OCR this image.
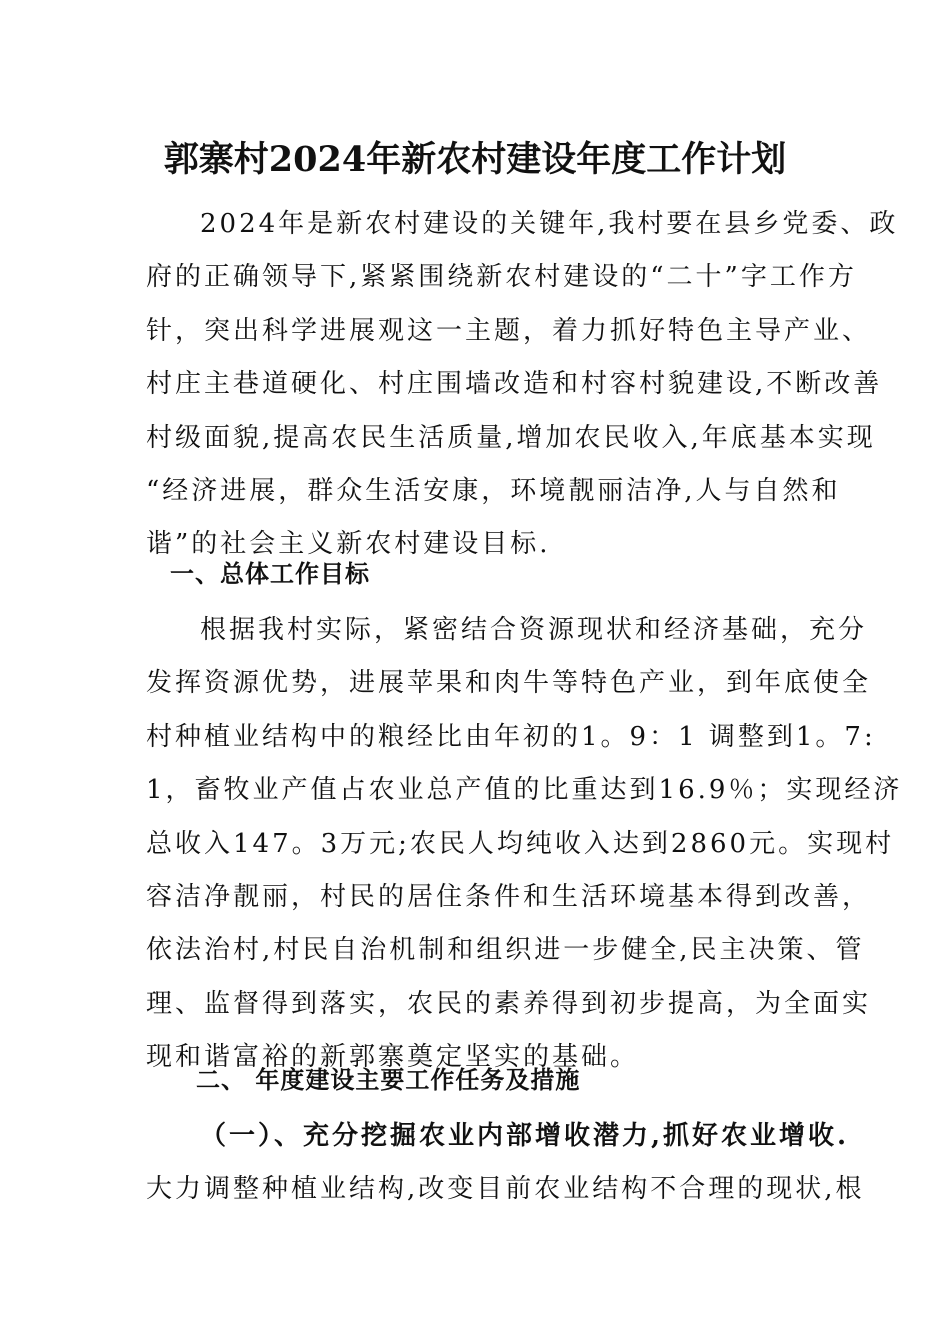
郭寨村2024年新农村建设年度工作计划
2024年是新农村建设的关键年,我村要在县乡党委、政
府的正确领导下,紧紧围绕新农村建设的“二十”字工作方
针，突出科学进展观这一主题，着力抓好特色主导产业、
村庄主巷道硬化、村庄围墙改造和村容村貌建设,不断改善
村级面貌,提高农民生活质量,增加农民收入,年底基本实现
“经济进展，群众生活安康，环境靓丽洁净,人与自然和
谐”的社会主义新农村建设目标.
一、总体工作目标
根据我村实际，紧密结合资源现状和经济基础，充分
发挥资源优势，进展苹果和肉牛等特色产业，到年底使全
村种植业结构中的粮经比由年初的1。9：1 调整到1。7:
1，畜牧业产值占农业总产值的比重达到16.9％；实现经济
总收入147。3万元;农民人均纯收入达到2860元。实现村
容洁净靓丽，村民的居住条件和生活环境基本得到改善，
依法治村,村民自治机制和组织进一步健全,民主决策、管
理、监督得到落实，农民的素养得到初步提高，为全面实
现和谐富裕的新郭寨奠定坚实的基础。
二、 年度建设主要工作任务及措施
（一）、充分挖掘农业内部增收潜力,抓好农业增收.
大力调整种植业结构,改变目前农业结构不合理的现状,根
